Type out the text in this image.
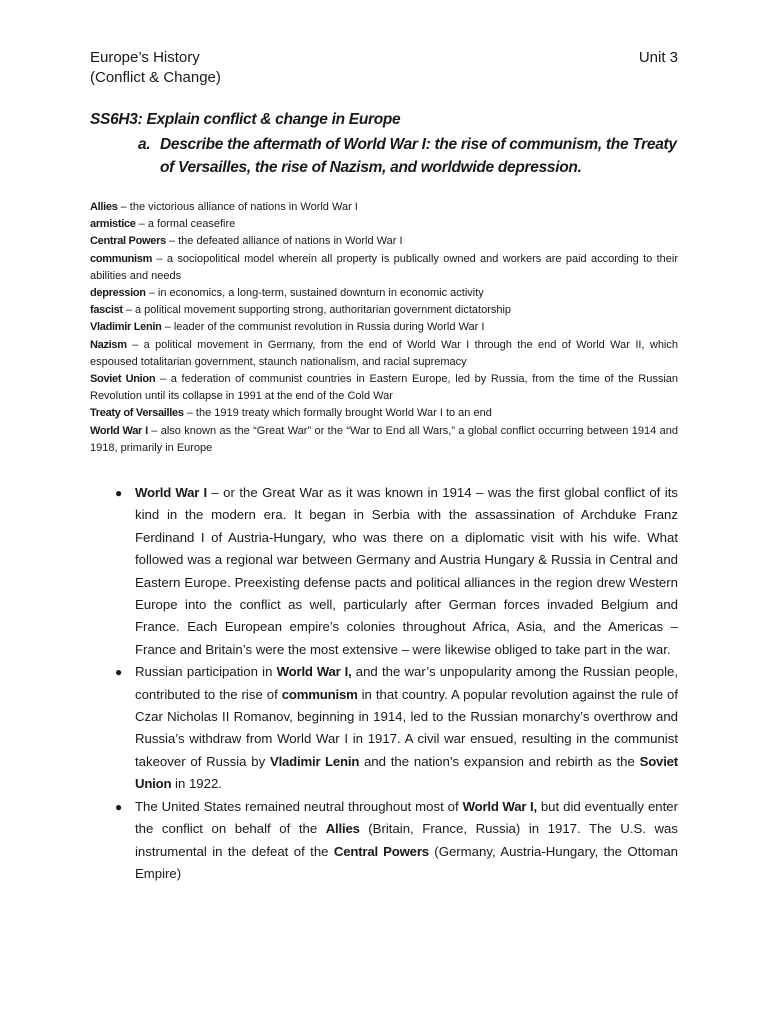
Europe’s History
(Conflict & Change)
Unit 3
SS6H3: Explain conflict & change in Europe
a. Describe the aftermath of World War I: the rise of communism, the Treaty of Versailles, the rise of Nazism, and worldwide depression.

Allies – the victorious alliance of nations in World War I

armistice – a formal ceasefire

Central Powers – the defeated alliance of nations in World War I

communism – a sociopolitical model wherein all property is publically owned and workers are paid according to their abilities and needs

depression – in economics, a long-term, sustained downturn in economic activity

fascist – a political movement supporting strong, authoritarian government dictatorship

Vladimir Lenin – leader of the communist revolution in Russia during World War I

Nazism – a political movement in Germany, from the end of World War I through the end of World War II, which espoused totalitarian government, staunch nationalism, and racial supremacy

Soviet Union – a federation of communist countries in Eastern Europe, led by Russia, from the time of the Russian Revolution until its collapse in 1991 at the end of the Cold War

Treaty of Versailles – the 1919 treaty which formally brought World War I to an end

World War I – also known as the “Great War” or the “War to End all Wars,” a global conflict occurring between 1914 and 1918, primarily in Europe

● World War I – or the Great War as it was known in 1914 – was the first global conflict of its kind in the modern era. It began in Serbia with the assassination of Archduke Franz Ferdinand I of Austria-Hungary, who was there on a diplomatic visit with his wife. What followed was a regional war between Germany and Austria Hungary & Russia in Central and Eastern Europe. Preexisting defense pacts and political alliances in the region drew Western Europe into the conflict as well, particularly after German forces invaded Belgium and France. Each European empire’s colonies throughout Africa, Asia, and the Americas – France and Britain’s were the most extensive – were likewise obliged to take part in the war.
● Russian participation in World War I, and the war’s unpopularity among the Russian people, contributed to the rise of communism in that country. A popular revolution against the rule of Czar Nicholas II Romanov, beginning in 1914, led to the Russian monarchy’s overthrow and Russia’s withdraw from World War I in 1917. A civil war ensued, resulting in the communist takeover of Russia by Vladimir Lenin and the nation’s expansion and rebirth as the Soviet Union in 1922.
● The United States remained neutral throughout most of World War I, but did eventually enter the conflict on behalf of the Allies (Britain, France, Russia) in 1917. The U.S. was instrumental in the defeat of the Central Powers (Germany, Austria-Hungary, the Ottoman Empire)
